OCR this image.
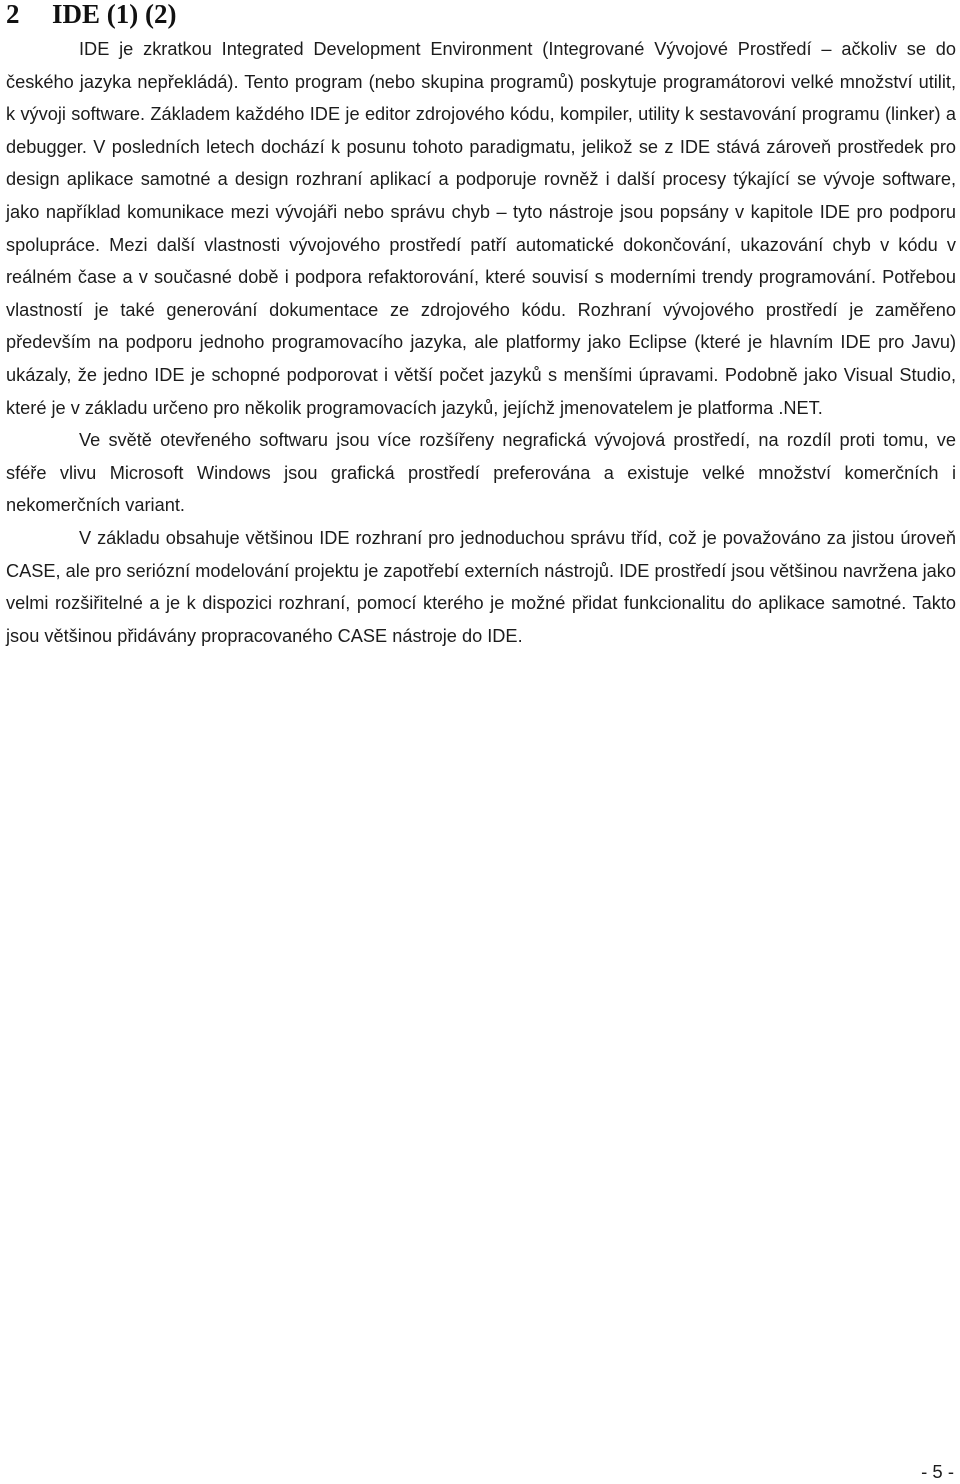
2 IDE (1) (2)

IDE je zkratkou Integrated Development Environment (Integrované Vývojové Prostředí – ačkoliv se do českého jazyka nepřekládá). Tento program (nebo skupina programů) poskytuje programátorovi velké množství utilit, k vývoji software. Základem každého IDE je editor zdrojového kódu, kompiler, utility k sestavování programu (linker) a debugger. V posledních letech dochází k posunu tohoto paradigmatu, jelikož se z IDE stává zároveň prostředek pro design aplikace samotné a design rozhraní aplikací a podporuje rovněž i další procesy týkající se vývoje software, jako například komunikace mezi vývojáři nebo správu chyb – tyto nástroje jsou popsány v kapitole IDE pro podporu spolupráce. Mezi další vlastnosti vývojového prostředí patří automatické dokončování, ukazování chyb v kódu v reálném čase a v současné době i podpora refaktorování, které souvisí s moderními trendy programování. Potřebou vlastností je také generování dokumentace ze zdrojového kódu. Rozhraní vývojového prostředí je zaměřeno především na podporu jednoho programovacího jazyka, ale platformy jako Eclipse (které je hlavním IDE pro Javu) ukázaly, že jedno IDE je schopné podporovat i větší počet jazyků s menšími úpravami. Podobně jako Visual Studio, které je v základu určeno pro několik programovacích jazyků, jejíchž jmenovatelem je platforma .NET.

Ve světě otevřeného softwaru jsou více rozšířeny negrafická vývojová prostředí, na rozdíl proti tomu, ve sféře vlivu Microsoft Windows jsou grafická prostředí preferována a existuje velké množství komerčních i nekomerčních variant.

V základu obsahuje většinou IDE rozhraní pro jednoduchou správu tříd, což je považováno za jistou úroveň CASE, ale pro seriózní modelování projektu je zapotřebí externích nástrojů. IDE prostředí jsou většinou navržena jako velmi rozšiřitelné a je k dispozici rozhraní, pomocí kterého je možné přidat funkcionalitu do aplikace samotné. Takto jsou většinou přidávány propracovaného CASE nástroje do IDE.

- 5 -
